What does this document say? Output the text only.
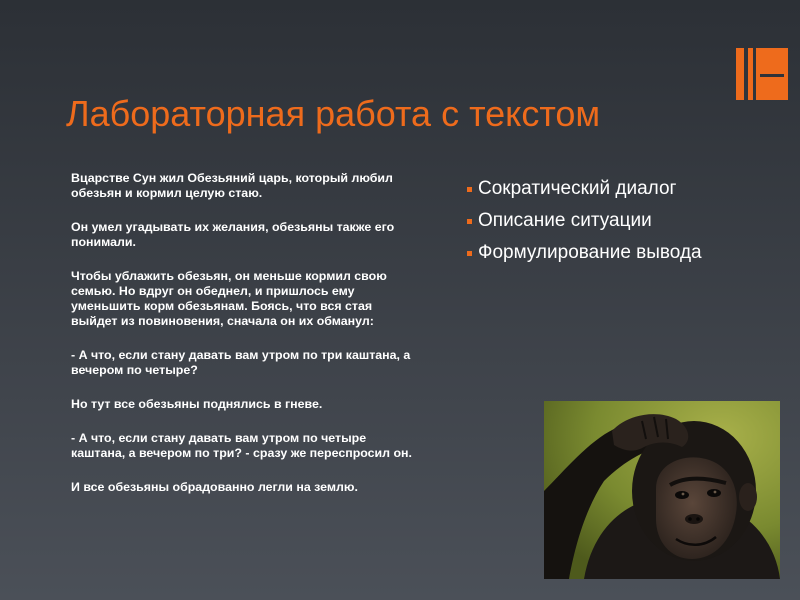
Лабораторная работа с текстом

Вцарстве Сун жил Обезьяний царь, который любил обезьян и кормил целую стаю.

Он умел угадывать их желания, обезьяны также его понимали.

Чтобы ублажить обезьян, он меньше кормил свою семью. Но вдруг он обеднел, и пришлось ему уменьшить корм обезьянам. Боясь, что вся стая выйдет из повиновения, сначала он их обманул:

- А что, если стану давать вам утром по три каштана, а вечером по четыре?

Но тут все обезьяны поднялись в гневе.

- А что, если стану давать вам утром по четыре каштана, а вечером по три? - сразу же переспросил он.

И все обезьяны обрадованно легли на землю.

Сократический диалог
Описание ситуации
Формулирование вывода
